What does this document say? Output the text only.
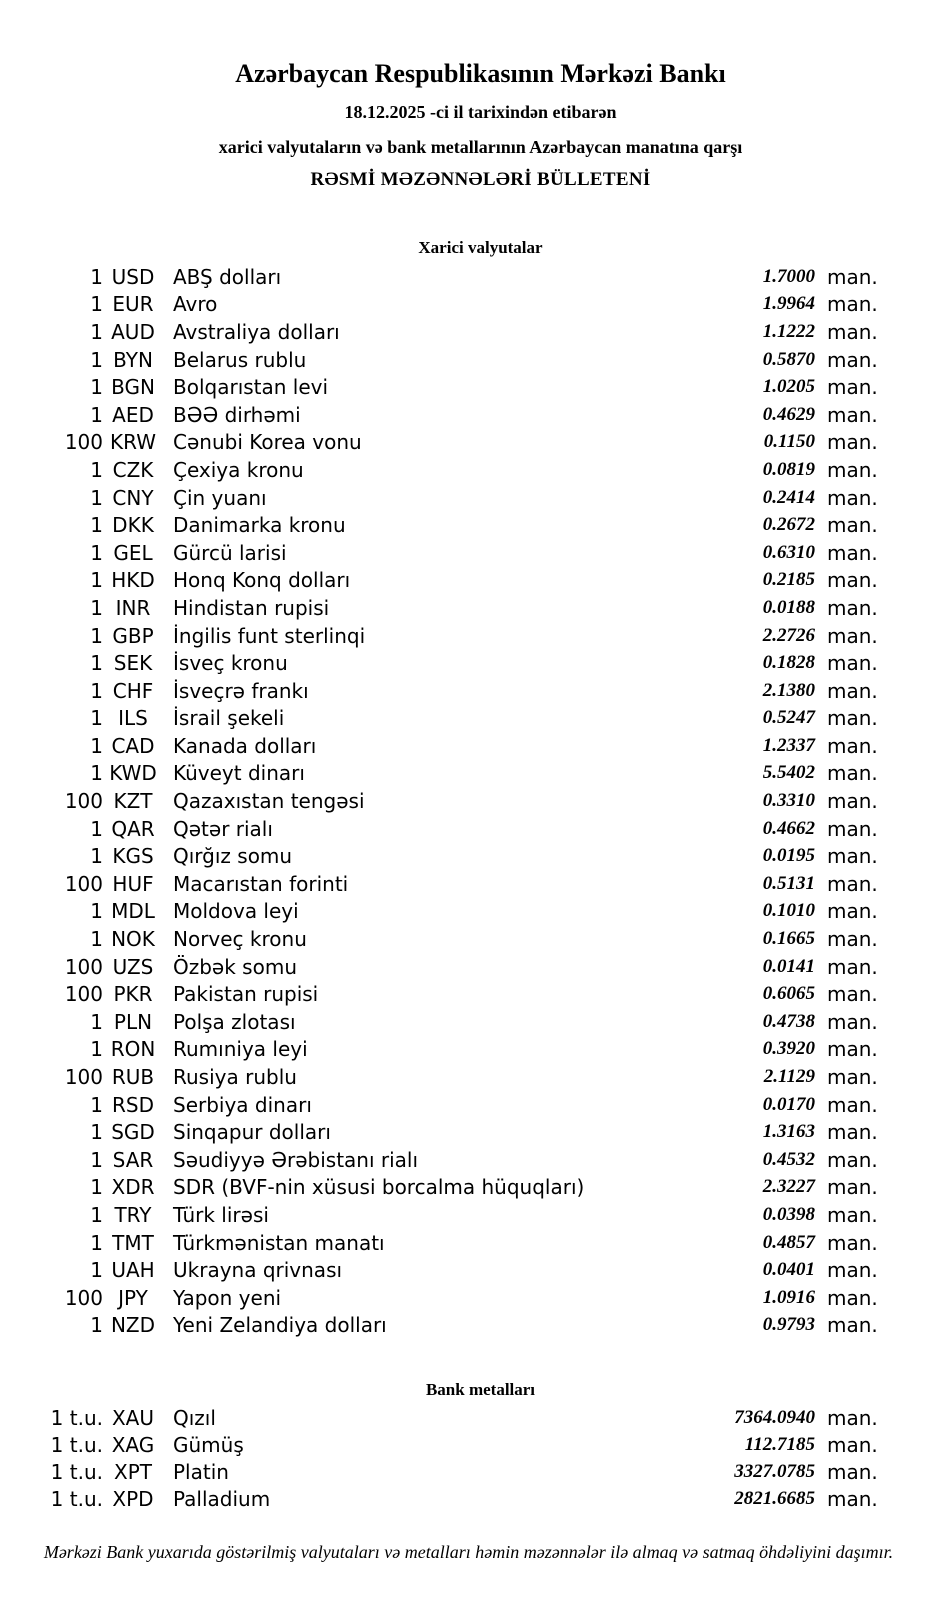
Azərbaycan Respublikasının Mərkəzi Bankı
18.12.2025 -ci il tarixindən etibarən
xarici valyutaların və bank metallarının Azərbaycan manatına qarşı
RƏSMİ MƏZƏNNƏLƏRİ BÜLLETENİ
Xarici valyutalar
1 USD ABŞ dolları	1.7000 man.
1 EUR Avro	1.9964 man.
1 AUD Avstraliya dolları	1.1222 man.
1 BYN	Belarus rublu	0.5870 man.
1 BGN Bolqarıstan levi	1.0205 man.
1 AED BƏƏ dirhəmi	0.4629 man.
100 KRW Cənubi Korea vonu	0.1150 man.
1 CZK Çexiya kronu	0.0819 man.
1 CNY Çin yuanı	0.2414 man.
1 DKK Danimarka kronu	0.2672 man.
1 GEL	Gürcü larisi	0.6310 man.
1 HKD Honq Konq dolları	0.2185 man.
1 INR	Hindistan rupisi	0.0188 man.
1 GBP İngilis funt sterlinqi	2.2726 man.
1 SEK	İsveç kronu	0.1828 man.
1 CHF İsveçrə frankı	2.1380 man.
1 ILS	İsrail şekeli	0.5247 man.
1 CAD Kanada dolları	1.2337 man.
1 KWD Küveyt dinarı	5.5402 man.
100 KZT	Qazaxıstan tengəsi	0.3310 man.
1 QAR Qətər rialı	0.4662 man.
1 KGS Qırğız somu	0.0195 man.
100 HUF Macarıstan forinti	0.5131 man.
1 MDL Moldova leyi	0.1010 man.
1 NOK Norveç kronu	0.1665 man.
100 UZS Özbək somu	0.0141 man.
100 PKR	Pakistan rupisi	0.6065 man.
1 PLN	Polşa zlotası	0.4738 man.
1 RON Rumıniya leyi	0.3920 man.
100 RUB Rusiya rublu	2.1129 man.
1 RSD Serbiya dinarı	0.0170 man.
1 SGD Sinqapur dolları	1.3163 man.
1 SAR Səudiyyə Ərəbistanı rialı	0.4532 man.
1 XDR SDR (BVF-nin xüsusi borcalma hüquqları)	2.3227 man.
1 TRY	Türk lirəsi	0.0398 man.
1 TMT Türkmənistan manatı	0.4857 man.
1 UAH Ukrayna qrivnası	0.0401 man.
100 JPY	Yapon yeni	1.0916 man.
1 NZD Yeni Zelandiya dolları	0.9793 man.
Bank metalları
1 t.u. XAU Qızıl	7364.0940 man.
1 t.u. XAG Gümüş	112.7185 man.
1 t.u. XPT	Platin	3327.0785 man.
1 t.u. XPD Palladium	2821.6685 man.
Mərkəzi Bank yuxarıda göstərilmiş valyutaları və metalları həmin məzənnələr ilə almaq və satmaq öhdəliyini daşımır.
